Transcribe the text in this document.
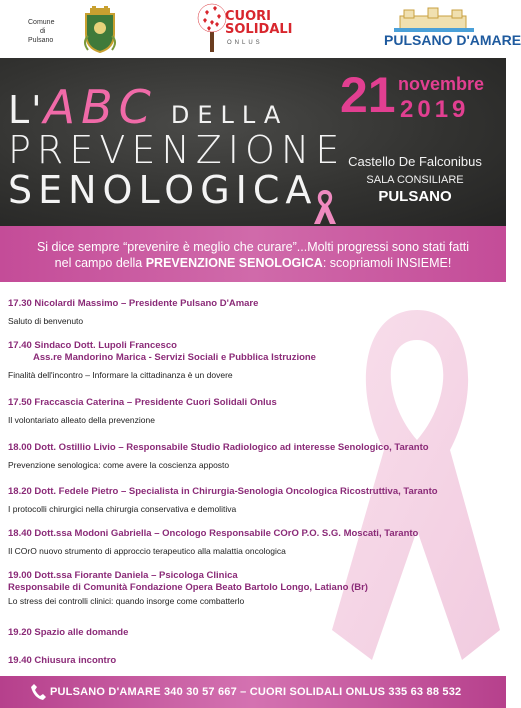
Comune
di
Pulsano
CUORI
SOLIDALI
ONLUS	PULSANO D'AMARE
L'ABC DELLA
PREVENZIONE
SENOLOGICA
21 novembre
2019
Castello De Falconibus
SALA CONSILIARE
PULSANO
Si dice sempre “prevenire è meglio che curare”...Molti progressi sono stati fatti
nel campo della PREVENZIONE SENOLOGICA: scopriamoli INSIEME!
17.30 Nicolardi Massimo – Presidente Pulsano D'Amare
Saluto di benvenuto
17.40 Sindaco Dott. Lupoli Francesco
Ass.re Mandorino Marica - Servizi Sociali e Pubblica Istruzione
Finalità dell'incontro – Informare la cittadinanza è un dovere
17.50 Fraccascia Caterina – Presidente Cuori Solidali Onlus
Il volontariato alleato della prevenzione
18.00 Dott. Ostillio Livio – Responsabile Studio Radiologico ad interesse Senologico, Taranto
Prevenzione senologica: come avere la coscienza apposto
18.20 Dott. Fedele Pietro – Specialista in Chirurgia-Senologia Oncologica Ricostruttiva, Taranto
I protocolli chirurgici nella chirurgia conservativa e demolitiva
18.40 Dott.ssa Modoni Gabriella – Oncologo Responsabile COrO P.O. S.G. Moscati, Taranto
Il COrO nuovo strumento di approccio terapeutico alla malattia oncologica
19.00 Dott.ssa Fiorante Daniela – Psicologa Clinica
Responsabile di Comunità Fondazione Opera Beato Bartolo Longo, Latiano (Br)
Lo stress dei controlli clinici: quando insorge come combatterlo
19.20 Spazio alle domande
19.40 Chiusura incontro
PULSANO D'AMARE 340 30 57 667 – CUORI SOLIDALI ONLUS 335 63 88 532
